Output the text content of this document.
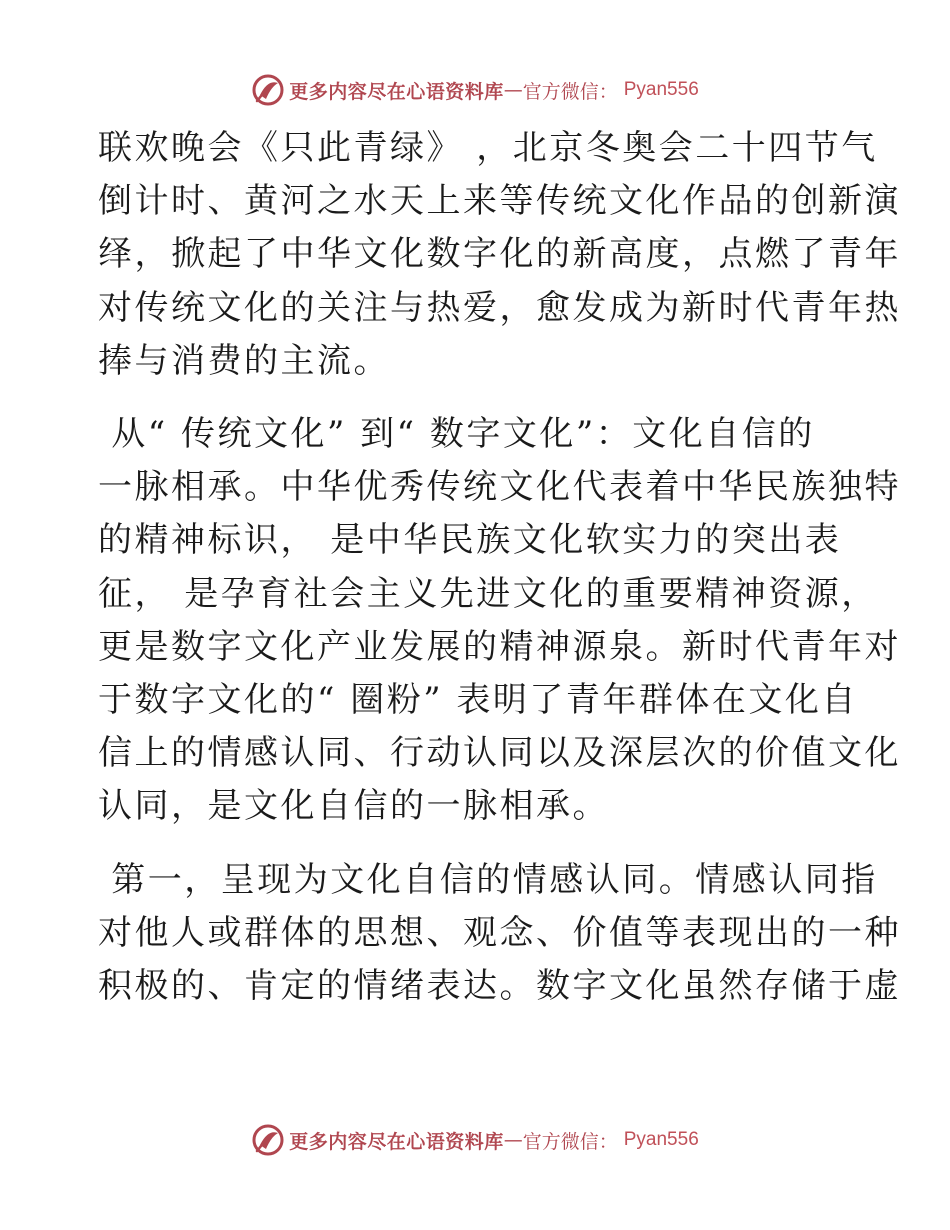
更多内容尽在心语资料库 — 官方微信： Pyan556

联欢晚会《只此青绿》 ，北京冬奥会二十四节气
倒计时、黄河之水天上来等传统文化作品的创新演
绎，掀起了中华文化数字化的新高度，点燃了青年
对传统文化的关注与热爱，愈发成为新时代青年热
捧与消费的主流。

从“ 传统文化” 到“ 数字文化”：文化自信的
一脉相承。中华优秀传统文化代表着中华民族独特
的精神标识， 是中华民族文化软实力的突出表
征， 是孕育社会主义先进文化的重要精神资源，
更是数字文化产业发展的精神源泉。新时代青年对
于数字文化的“ 圈粉” 表明了青年群体在文化自
信上的情感认同、行动认同以及深层次的价值文化
认同，是文化自信的一脉相承。

第一，呈现为文化自信的情感认同。情感认同指
对他人或群体的思想、观念、价值等表现出的一种
积极的、肯定的情绪表达。数字文化虽然存储于虚

更多内容尽在心语资料库 — 官方微信： Pyan556
